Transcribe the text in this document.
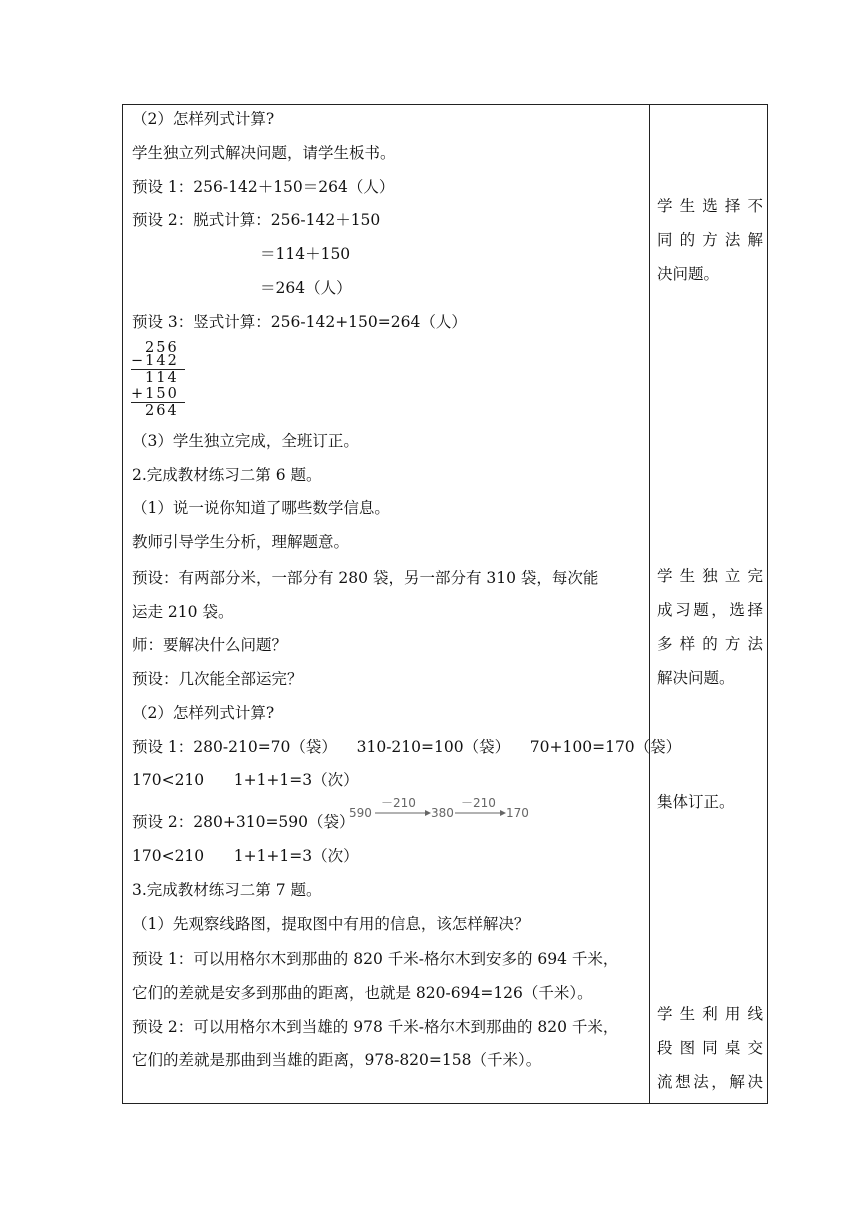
（2）怎样列式计算?
学生独立列式解决问题，请学生板书。
预设 1：256-142＋150＝264（人）
预设 2：脱式计算：256-142＋150
＝114＋150
＝264（人）
预设 3：竖式计算：256-142+150=264（人）
256
−142
114
+150
264
（3）学生独立完成，全班订正。
2.完成教材练习二第 6 题。
（1）说一说你知道了哪些数学信息。
教师引导学生分析，理解题意。
预设：有两部分米，一部分有 280 袋，另一部分有 310 袋，每次能
运走 210 袋。
师：要解决什么问题？
预设：几次能全部运完？
（2）怎样列式计算?
预设 1：280-210=70（袋）    310-210=100（袋）    70+100=170（袋）
170<210      1+1+1=3（次）
预设 2：280+310=590（袋）
590
－210
380
－210
170
170<210      1+1+1=3（次）
3.完成教材练习二第 7 题。
（1）先观察线路图，提取图中有用的信息，该怎样解决？
预设 1：可以用格尔木到那曲的 820 千米-格尔木到安多的 694 千米，
它们的差就是安多到那曲的距离，也就是 820-694=126（千米）。
预设 2：可以用格尔木到当雄的 978 千米-格尔木到那曲的 820 千米，
它们的差就是那曲到当雄的距离，978-820=158（千米）。
学生选择不
同的方法解
决问题。
学生独立完
成习题，选择
多样的方法
解决问题。
集体订正。
学生利用线
段图同桌交
流想法，解决
